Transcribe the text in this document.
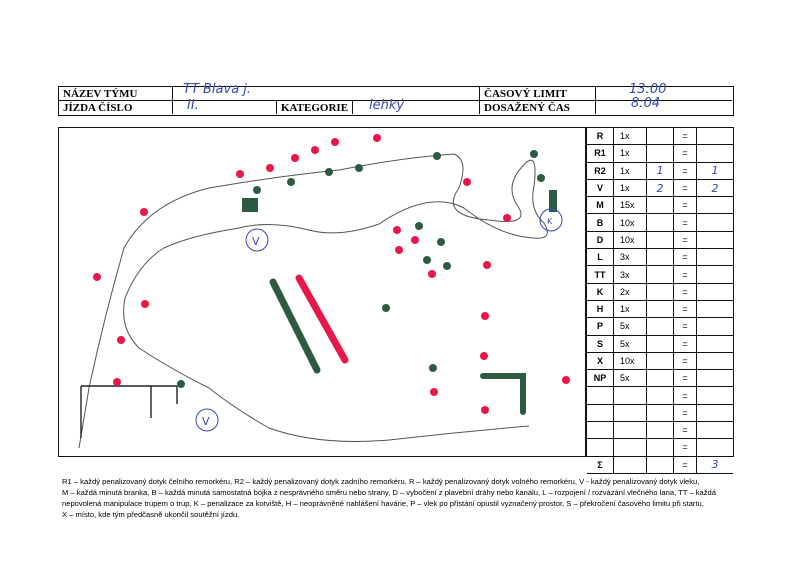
NÁZEV TÝMU	TT Blava j.
JÍZDA ČÍSLO	II.	KATEGORIE lehký
ČASOVÝ LIMIT	13:00
DOSAŽENÝ ČAS	8:04
V
V
K
R	1x		=	
R1	1x		=	
R2	1x	1	=	1
V	1x	2	=	2
M	15x		=	
B	10x		=	
D	10x		=	
L	3x		=	
TT	3x		=	
K	2x		=	
H	1x		=	
P	5x		=	
S	5x		=	
X	10x		=	
NP	5x		=	
			=	
			=	
			=	
			=	
Σ			=	3
R1 – každý penalizovaný dotyk čelního remorkéru, R2 – každý penalizovaný dotyk zadního remorkéru, R – každý penalizovaný dotyk volného remorkéru, V - každý penalizovaný dotyk vleku,
M – každá minutá branka, B – každá minutá samostatná bójka z nesprávného směru nebo strany, D – vybočení z plavební dráhy nebo kanálu, L – rozpojení / rozvázání vlečného lana, TT – každá
nepovolená manipulace trupem o trup, K – penalizace za kotviště, H – neoprávněné nahlášení havárie, P – vlek po přistání opustil vyznačený prostor, S – překročení časového limitu při startu,
X – místo, kde tým předčasně ukončil soutěžní jízdu.
